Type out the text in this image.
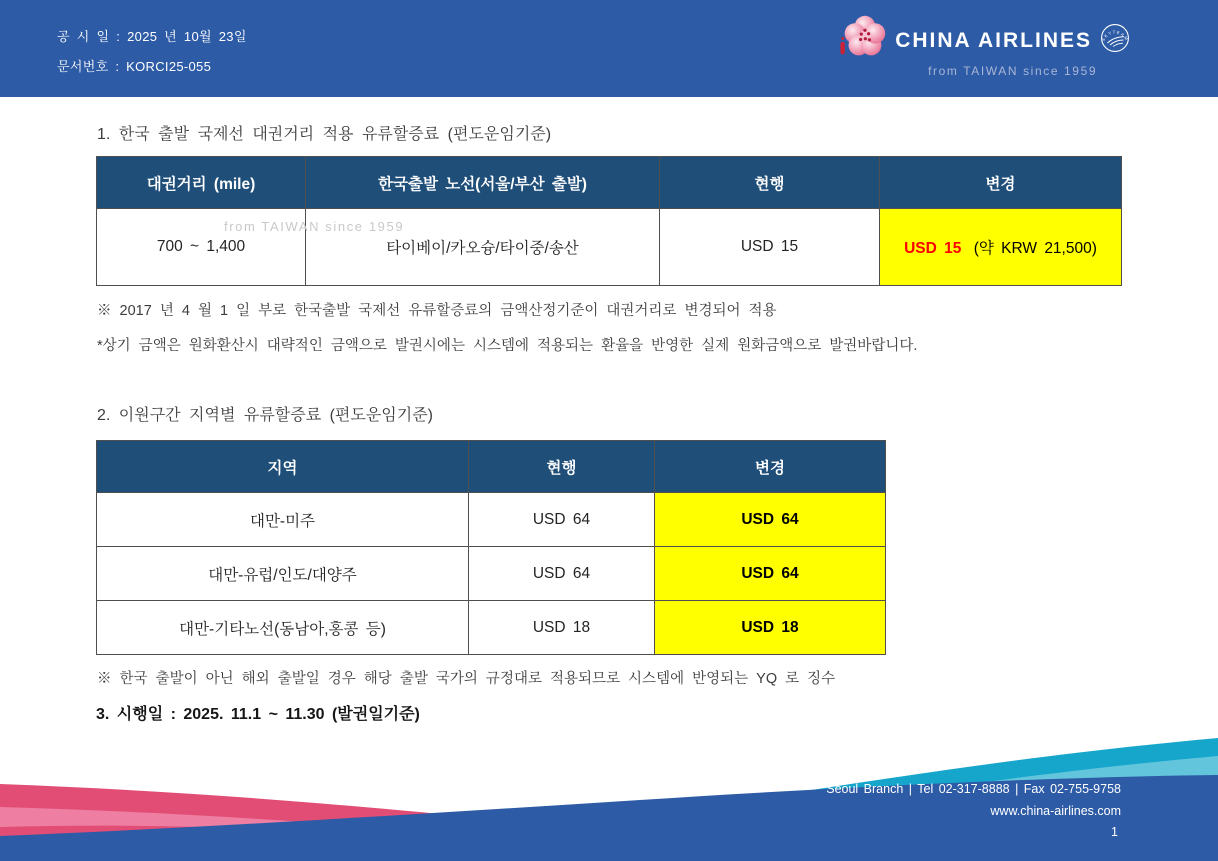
공 시 일 : 2025 년 10월 23일
문서번호 : KORCI25-055
CHINA AIRLINES SKYTEAM
from TAIWAN since 1959
1. 한국 출발 국제선 대권거리 적용 유류할증료 (편도운임기준)
대권거리 (mile)	한국출발 노선(서울/부산 출발)	현행	변경
700 ~ 1,400	타이베이/카오슝/타이중/송산	USD 15	USD 15 (약 KRW 21,500)
from TAIWAN since 1959
※ 2017 년 4 월 1 일 부로 한국출발 국제선 유류할증료의 금액산정기준이 대권거리로 변경되어 적용
*상기 금액은 원화환산시 대략적인 금액으로 발권시에는 시스템에 적용되는 환율을 반영한 실제 원화금액으로 발권바랍니다.
2. 이원구간 지역별 유류할증료 (편도운임기준)
지역	현행	변경
대만-미주	USD 64	USD 64
대만-유럽/인도/대양주	USD 64	USD 64
대만-기타노선(동남아,홍콩 등)	USD 18	USD 18
※ 한국 출발이 아닌 해외 출발일 경우 해당 출발 국가의 규정대로 적용되므로 시스템에 반영되는 YQ 로 징수
3. 시행일 : 2025. 11.1 ~ 11.30 (발권일기준)
Seoul Branch | Tel 02-317-8888 | Fax 02-755-9758
www.china-airlines.com
1
